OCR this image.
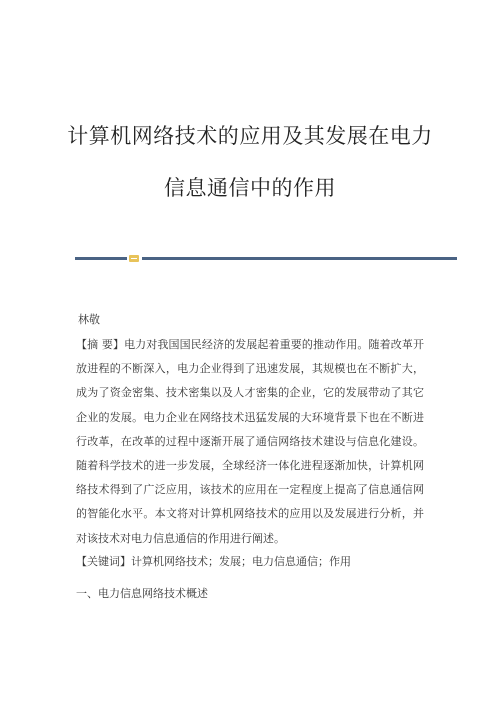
计算机网络技术的应用及其发展在电力
信息通信中的作用

林敬

【摘 要】电力对我国国民经济的发展起着重要的推动作用。随着改革开放进程的不断深入，电力企业得到了迅速发展，其规模也在不断扩大，成为了资金密集、技术密集以及人才密集的企业，它的发展带动了其它企业的发展。电力企业在网络技术迅猛发展的大环境背景下也在不断进行改革，在改革的过程中逐渐开展了通信网络技术建设与信息化建设。随着科学技术的进一步发展，全球经济一体化进程逐渐加快，计算机网络技术得到了广泛应用，该技术的应用在一定程度上提高了信息通信网的智能化水平。本文将对计算机网络技术的应用以及发展进行分析，并对该技术对电力信息通信的作用进行阐述。

【关键词】计算机网络技术；发展；电力信息通信；作用

一、电力信息网络技术概述
